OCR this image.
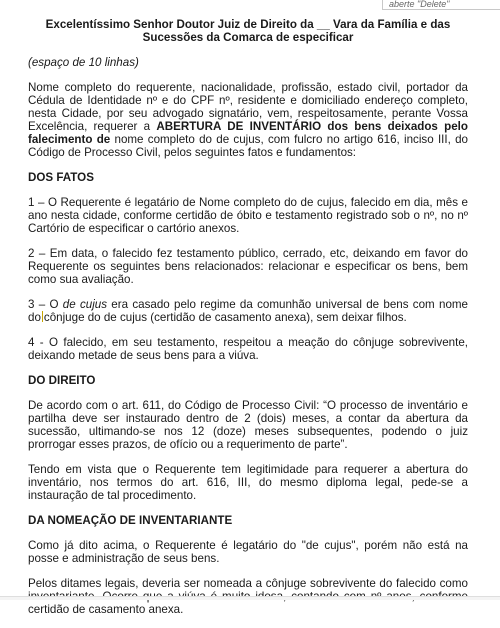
aberte "Delete"
Excelentíssimo Senhor Doutor Juiz de Direito da __ Vara da Família e das Sucessões da Comarca de especificar
(espaço de 10 linhas)

Nome completo do requerente, nacionalidade, profissão, estado civil, portador da Cédula de Identidade nº e do CPF nº, residente e domiciliado endereço completo, nesta Cidade, por seu advogado signatário, vem, respeitosamente, perante Vossa Excelência, requerer a ABERTURA DE INVENTÁRIO dos bens deixados pelo falecimento de nome completo do de cujus, com fulcro no artigo 616, inciso III, do Código de Processo Civil, pelos seguintes fatos e fundamentos:

DOS FATOS

1 – O Requerente é legatário de Nome completo do de cujus, falecido em dia, mês e ano nesta cidade, conforme certidão de óbito e testamento registrado sob o nº, no nº Cartório de especificar o cartório anexos.

2 – Em data, o falecido fez testamento público, cerrado, etc, deixando em favor do Requerente os seguintes bens relacionados: relacionar e especificar os bens, bem como sua avaliação.

3 – O de cujus era casado pelo regime da comunhão universal de bens com nome do cônjuge do de cujus (certidão de casamento anexa), sem deixar filhos.

4 - O falecido, em seu testamento, respeitou a meação do cônjuge sobrevivente, deixando metade de seus bens para a viúva.

DO DIREITO

De acordo com o art. 611, do Código de Processo Civil: “O processo de inventário e partilha deve ser instaurado dentro de 2 (dois) meses, a contar da abertura da sucessão, ultimando-se nos 12 (doze) meses subsequentes, podendo o juiz prorrogar esses prazos, de ofício ou a requerimento de parte”.

Tendo em vista que o Requerente tem legitimidade para requerer a abertura do inventário, nos termos do art. 616, III, do mesmo diploma legal, pede-se a instauração de tal procedimento.

DA NOMEAÇÃO DE INVENTARIANTE

Como já dito acima, o Requerente é legatário do "de cujus", porém não está na posse e administração de seus bens.

Pelos ditames legais, deveria ser nomeada a cônjuge sobrevivente do falecido como certidão de casamento anexa.
